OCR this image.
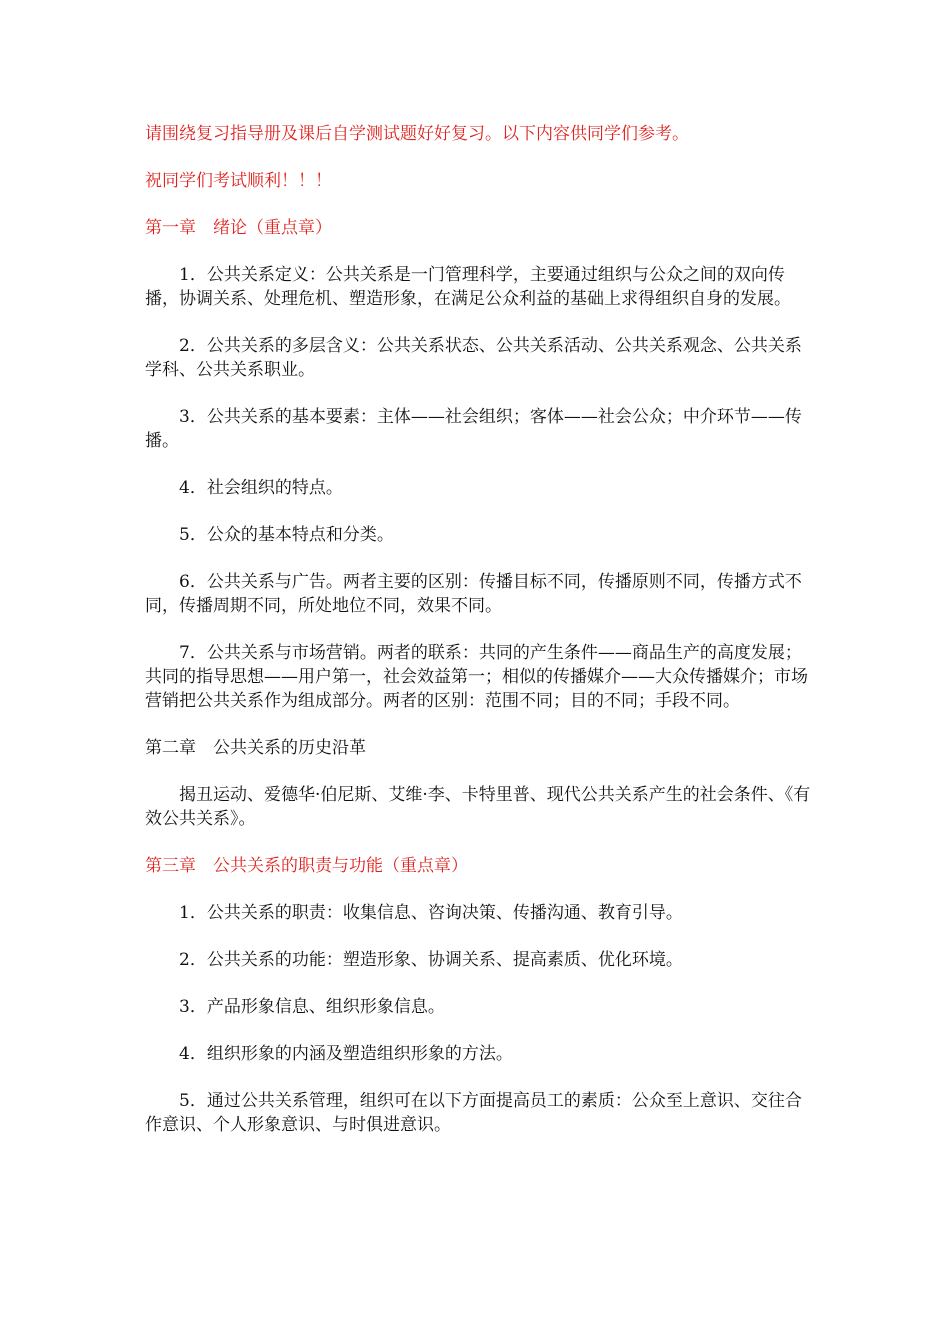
请围绕复习指导册及课后自学测试题好好复习。以下内容供同学们参考。

祝同学们考试顺利！！！

第一章　绪论（重点章）

1．公共关系定义：公共关系是一门管理科学，主要通过组织与公众之间的双向传播，协调关系、处理危机、塑造形象，在满足公众利益的基础上求得组织自身的发展。

2．公共关系的多层含义：公共关系状态、公共关系活动、公共关系观念、公共关系学科、公共关系职业。

3．公共关系的基本要素：主体——社会组织；客体——社会公众；中介环节——传播。

4．社会组织的特点。

5．公众的基本特点和分类。

6．公共关系与广告。两者主要的区别：传播目标不同，传播原则不同，传播方式不同，传播周期不同，所处地位不同，效果不同。

7．公共关系与市场营销。两者的联系：共同的产生条件——商品生产的高度发展；共同的指导思想——用户第一，社会效益第一；相似的传播媒介——大众传播媒介；市场营销把公共关系作为组成部分。两者的区别：范围不同；目的不同；手段不同。

第二章　公共关系的历史沿革

揭丑运动、爱德华·伯尼斯、艾维·李、卡特里普、现代公共关系产生的社会条件、《有效公共关系》。

第三章　公共关系的职责与功能（重点章）

1．公共关系的职责：收集信息、咨询决策、传播沟通、教育引导。

2．公共关系的功能：塑造形象、协调关系、提高素质、优化环境。

3．产品形象信息、组织形象信息。

4．组织形象的内涵及塑造组织形象的方法。

5．通过公共关系管理，组织可在以下方面提高员工的素质：公众至上意识、交往合作意识、个人形象意识、与时俱进意识。
